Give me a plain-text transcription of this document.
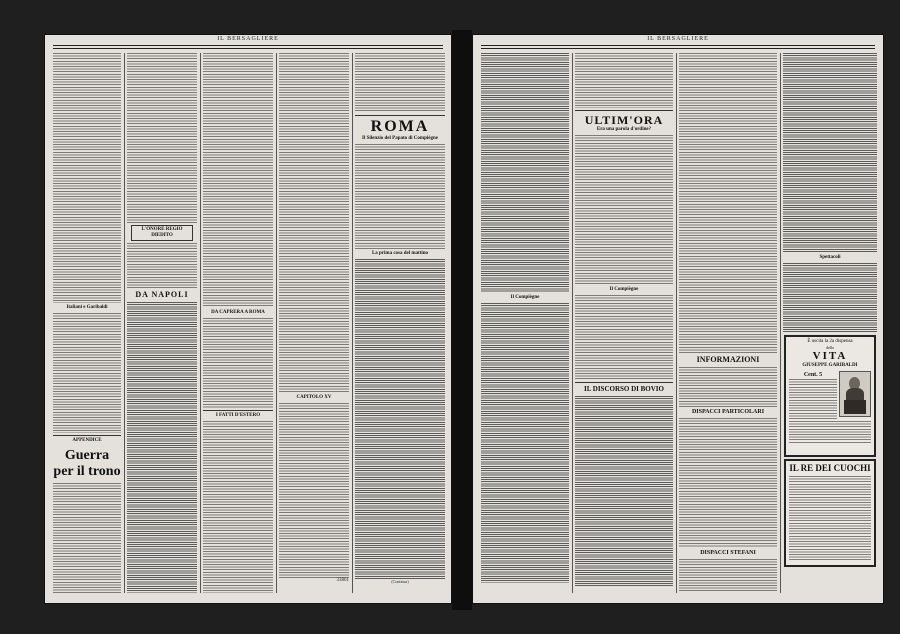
IL BERSAGLIERE
Italiani e Garibaldi
APPENDICE
Guerra per il trono
L'ONORE REGIO DIEDITO
DA NAPOLI
DA CAPRERA A ROMA
I FATTI D'ESTERO
CAPITOLO XV
33861
ROMA
Il Silenzio del Papato di Compiègne
La prima cosa del mattino
(Continua)
IL BERSAGLIERE
Il Compiègne
ULTIM'ORA
Era una parola d'ordine?
Il Compiègne
IL DISCORSO DI BOVIO
INFORMAZIONI
DISPACCI PARTICOLARI
DISPACCI STEFANI
Spettacoli
È uscita la 2a dispensa
della
VITA
GIUSEPPE GARIBALDI
Cent. 5
IL RE DEI CUOCHI
